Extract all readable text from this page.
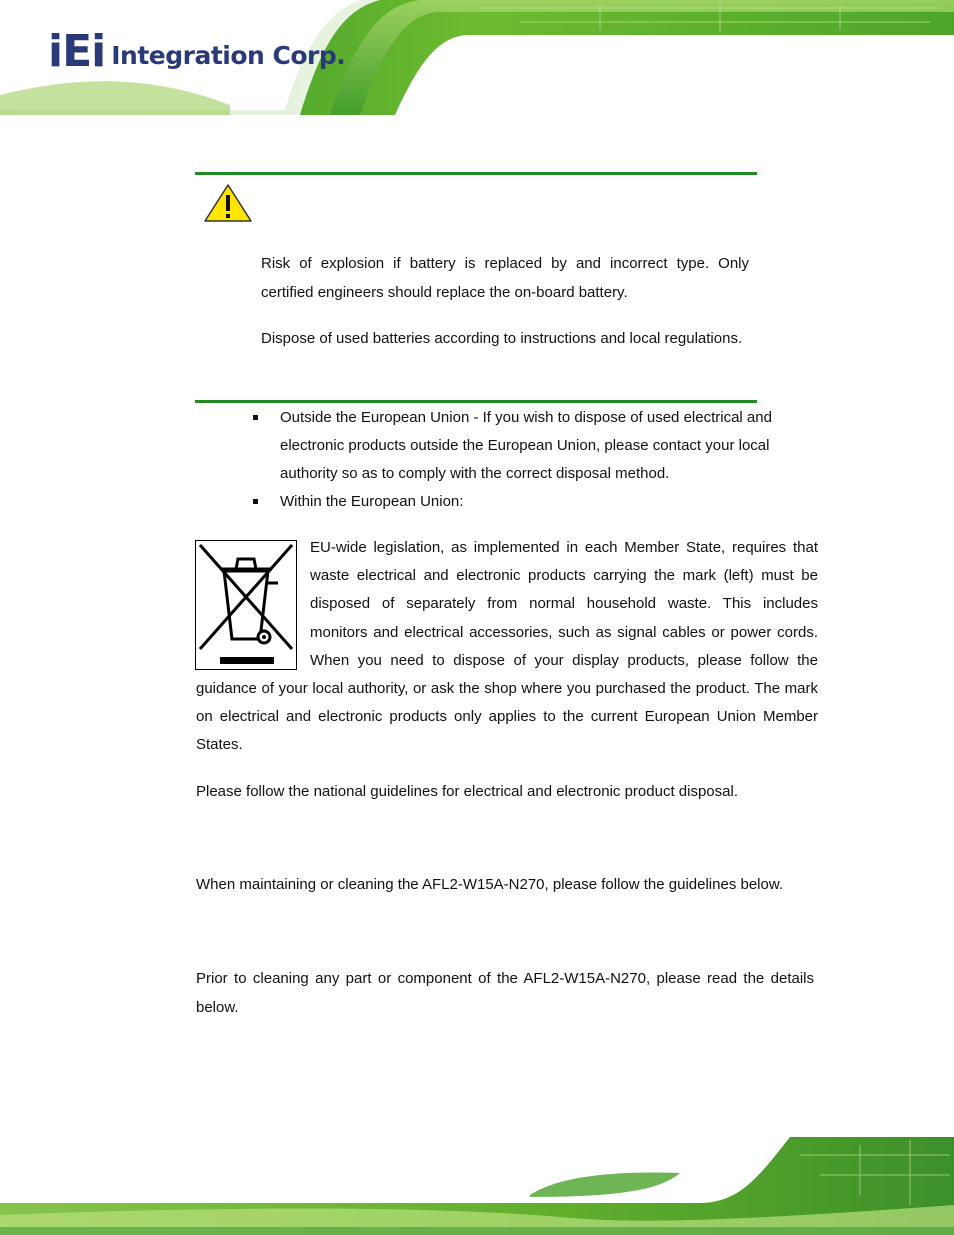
iEi Integration Corp.

Risk of explosion if battery is replaced by and incorrect type. Only certified engineers should replace the on-board battery.

Dispose of used batteries according to instructions and local regulations.

Outside the European Union - If you wish to dispose of used electrical and electronic products outside the European Union, please contact your local authority so as to comply with the correct disposal method.
Within the European Union:

EU-wide legislation, as implemented in each Member State, requires that waste electrical and electronic products carrying the mark (left) must be disposed of separately from normal household waste. This includes monitors and electrical accessories, such as signal cables or power cords. When you need to dispose of your display products, please follow the guidance of your local authority, or ask the shop where you purchased the product. The mark on electrical and electronic products only applies to the current European Union Member States.

Please follow the national guidelines for electrical and electronic product disposal.

When maintaining or cleaning the AFL2-W15A-N270, please follow the guidelines below.

Prior to cleaning any part or component of the AFL2-W15A-N270, please read the details below.
